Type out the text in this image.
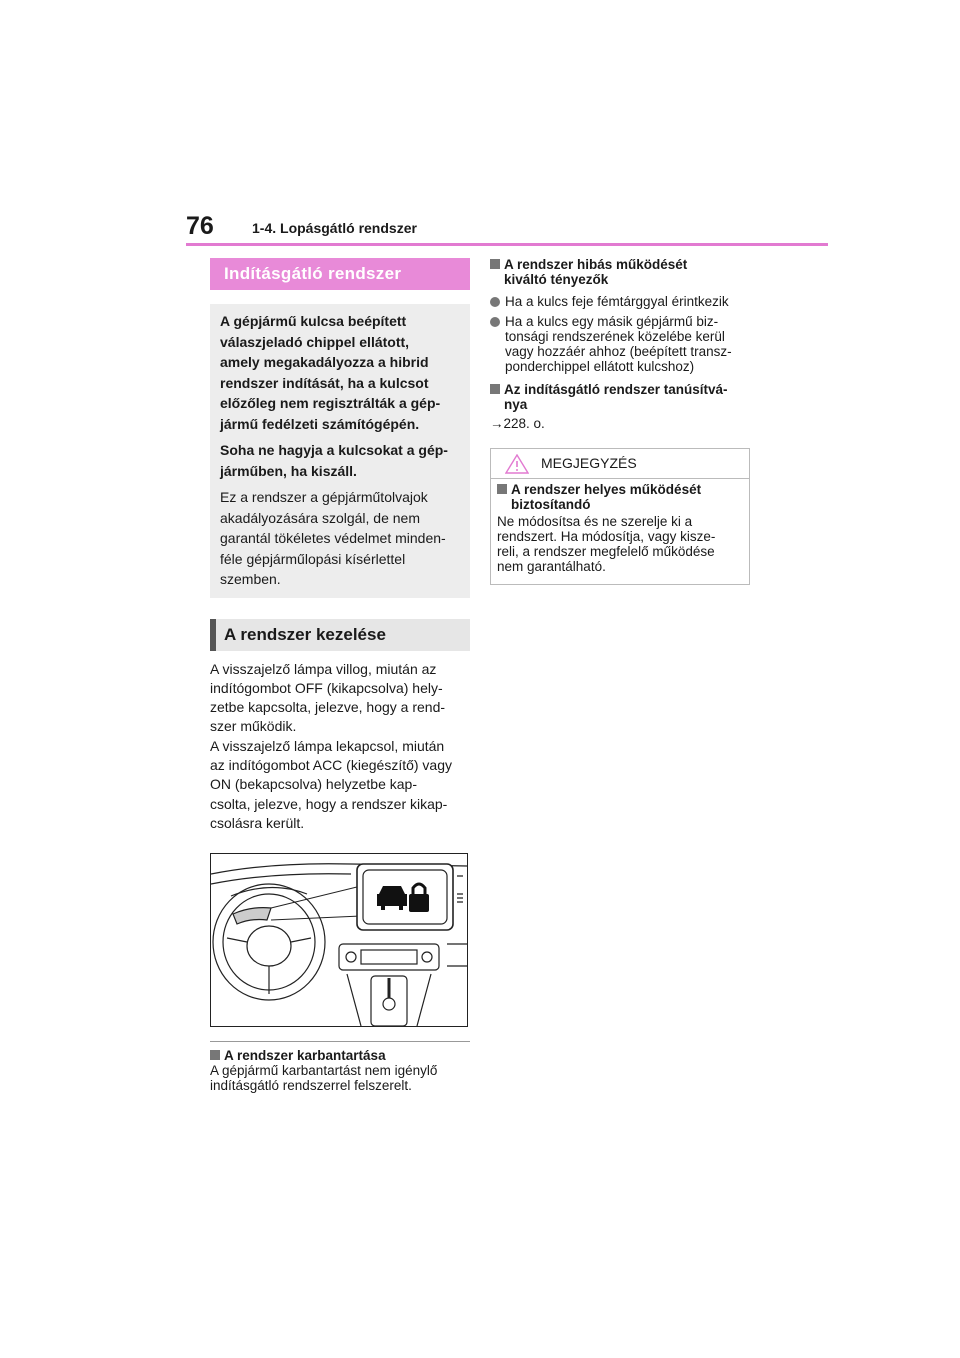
76	1-4. Lopásgátló rendszer
Indításgátló rendszer

A gépjármű kulcsa beépített
válaszjeladó chippel ellátott,
amely megakadályozza a hibrid
rendszer indítását, ha a kulcsot
előzőleg nem regisztrálták a gép-
jármű fedélzeti számítógépén.

Soha ne hagyja a kulcsokat a gép-
járműben, ha kiszáll.

Ez a rendszer a gépjárműtolvajok
akadályozására szolgál, de nem
garantál tökéletes védelmet minden-
féle gépjárműlopási kísérlettel
szemben.

A rendszer kezelése
A visszajelző lámpa villog, miután az
indítógombot OFF (kikapcsolva) hely-
zetbe kapcsolta, jelezve, hogy a rend-
szer működik.
A visszajelző lámpa lekapcsol, miután
az indítógombot ACC (kiegészítő) vagy
ON (bekapcsolva) helyzetbe kap-
csolta, jelezve, hogy a rendszer kikap-
csolásra került.
A rendszer karbantartása
A gépjármű karbantartást nem igénylő
indításgátló rendszerrel felszerelt.
A rendszer hibás működését
kiváltó tényezők
Ha a kulcs feje fémtárggyal érintkezik
Ha a kulcs egy másik gépjármű biz-
tonsági rendszerének közelébe kerül
vagy hozzáér ahhoz (beépített transz-
ponderchippel ellátott kulcshoz)
Az indításgátló rendszer tanúsítvá-
nya
→228. o.
MEGJEGYZÉS
A rendszer helyes működését
biztosítandó
Ne módosítsa és ne szerelje ki a
rendszert. Ha módosítja, vagy kisze-
reli, a rendszer megfelelő működése
nem garantálható.
